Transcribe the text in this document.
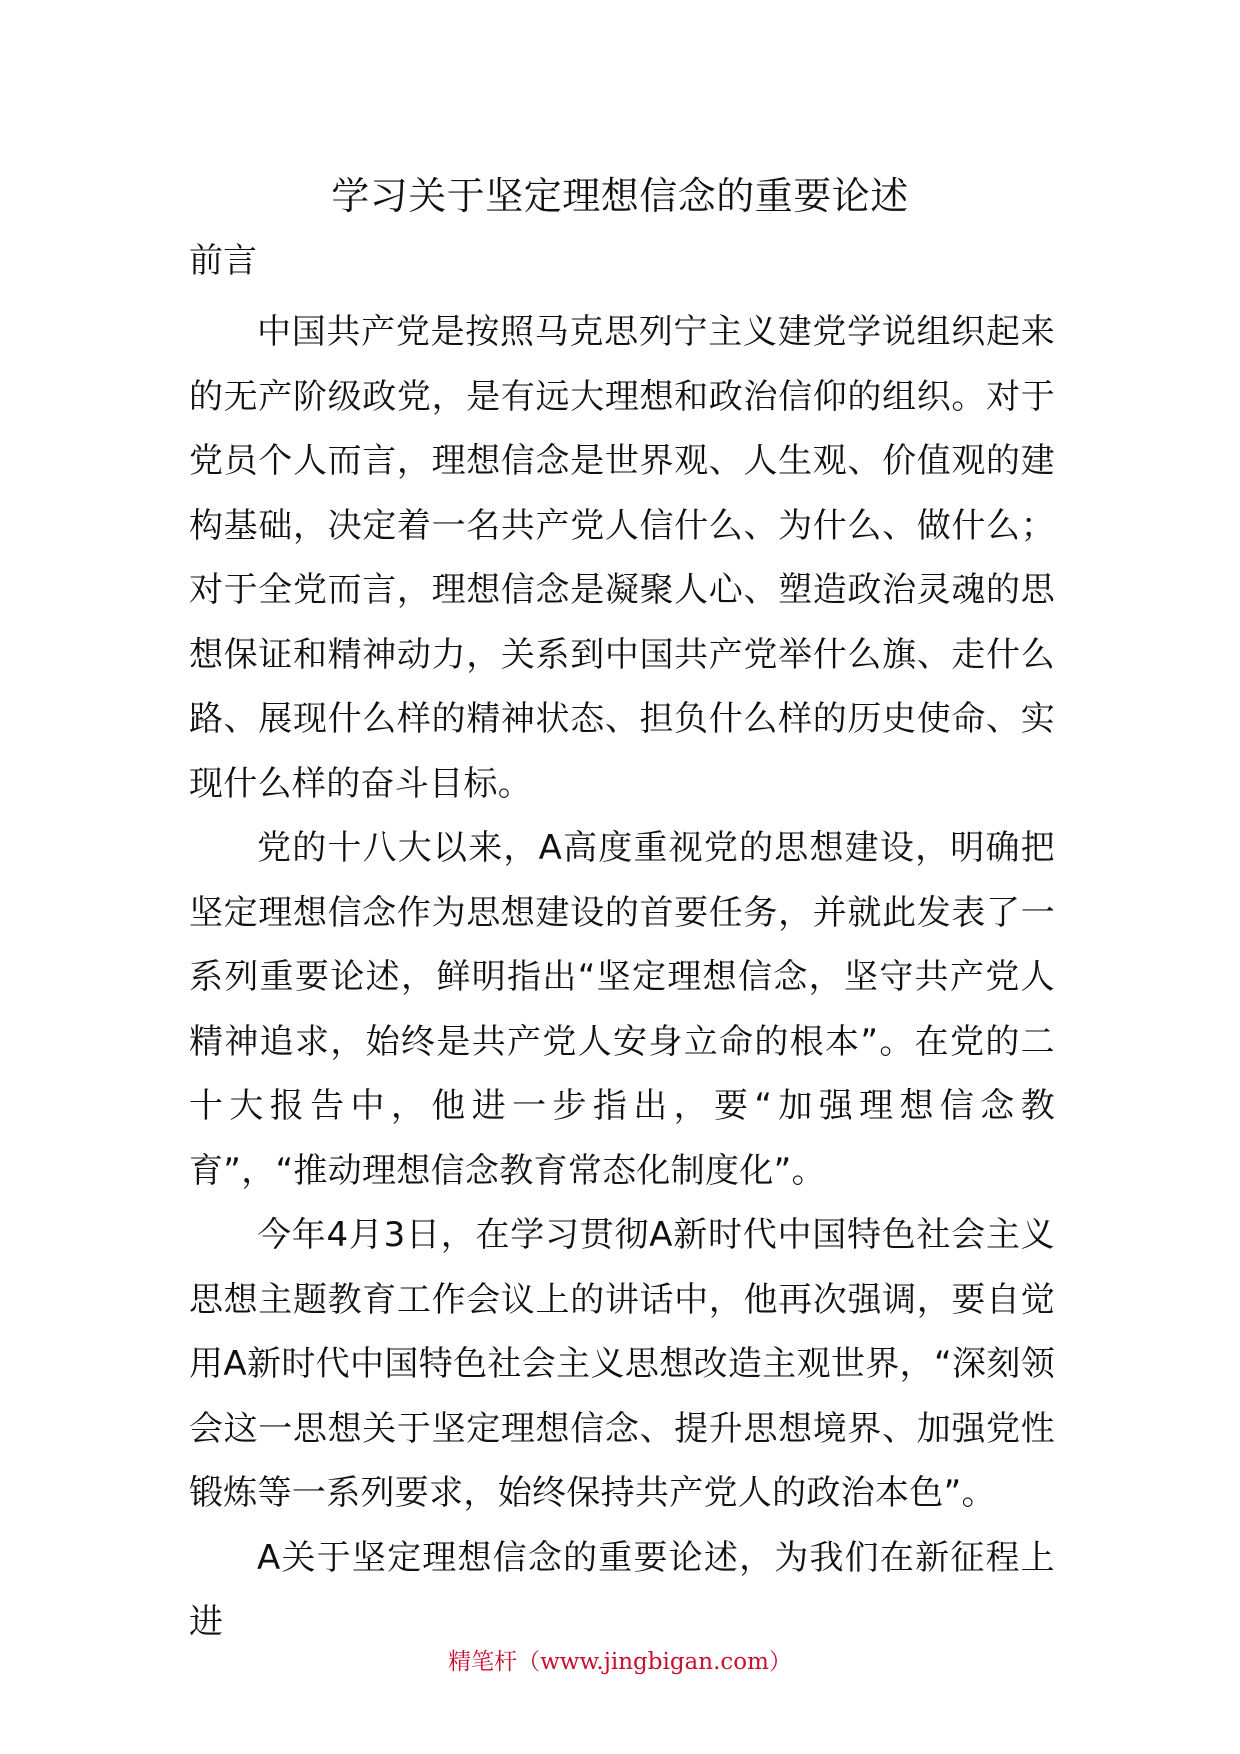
学习关于坚定理想信念的重要论述
前言

中国共产党是按照马克思列宁主义建党学说组织起来的无产阶级政党，是有远大理想和政治信仰的组织。对于党员个人而言，理想信念是世界观、人生观、价值观的建构基础，决定着一名共产党人信什么、为什么、做什么；对于全党而言，理想信念是凝聚人心、塑造政治灵魂的思想保证和精神动力，关系到中国共产党举什么旗、走什么路、展现什么样的精神状态、担负什么样的历史使命、实现什么样的奋斗目标。

党的十八大以来，A高度重视党的思想建设，明确把坚定理想信念作为思想建设的首要任务，并就此发表了一系列重要论述，鲜明指出“坚定理想信念，坚守共产党人精神追求，始终是共产党人安身立命的根本”。在党的二十大报告中，他进一步指出，要“加强理想信念教育”，“推动理想信念教育常态化制度化”。

今年4月3日，在学习贯彻A新时代中国特色社会主义思想主题教育工作会议上的讲话中，他再次强调，要自觉用A新时代中国特色社会主义思想改造主观世界，“深刻领会这一思想关于坚定理想信念、提升思想境界、加强党性锻炼等一系列要求，始终保持共产党人的政治本色”。

A关于坚定理想信念的重要论述，为我们在新征程上进

精笔杆（www.jingbigan.com）
